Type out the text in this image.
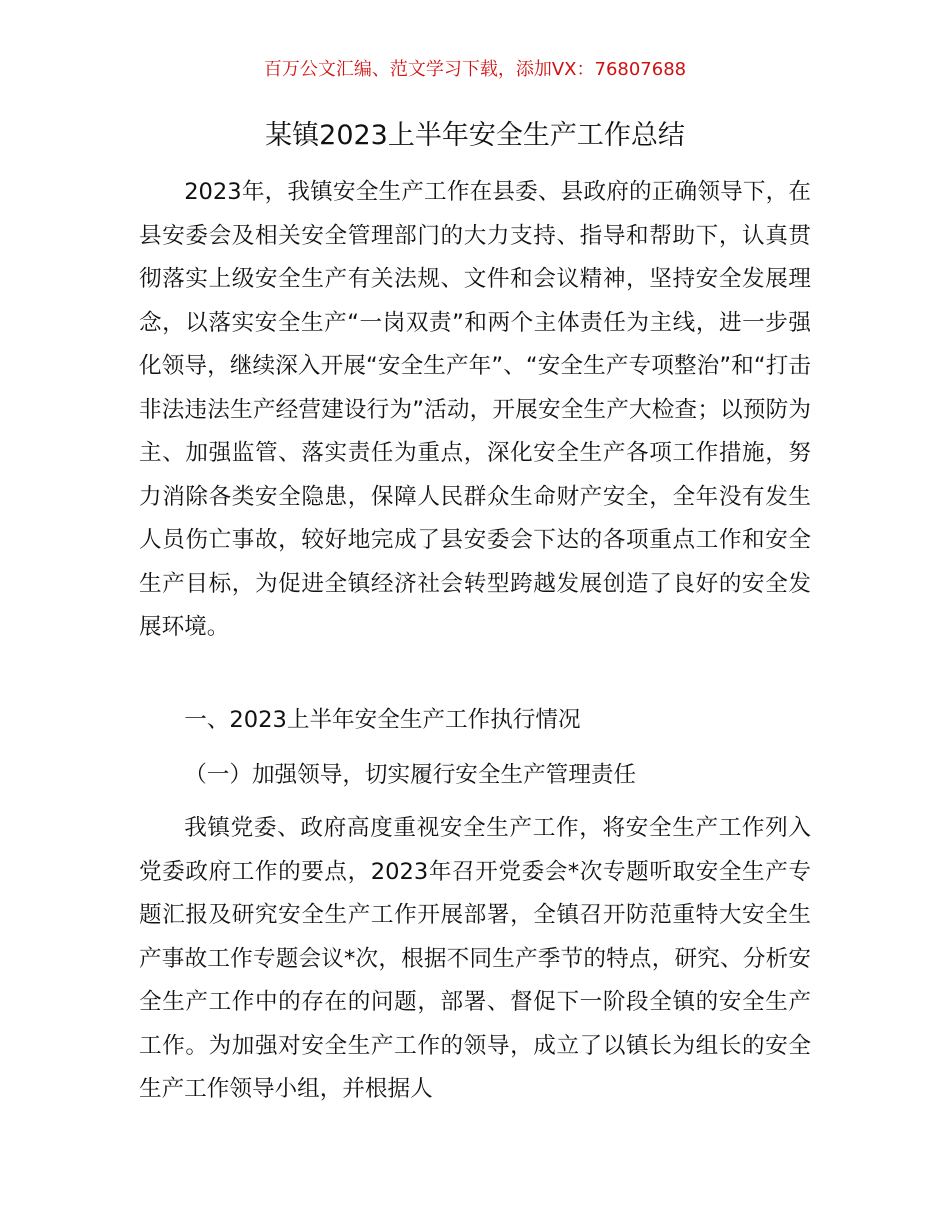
百万公文汇编、范文学习下载，添加VX：76807688
某镇2023上半年安全生产工作总结

2023年，我镇安全生产工作在县委、县政府的正确领导下，在县安委会及相关安全管理部门的大力支持、指导和帮助下，认真贯彻落实上级安全生产有关法规、文件和会议精神，坚持安全发展理念，以落实安全生产“一岗双责”和两个主体责任为主线，进一步强化领导，继续深入开展“安全生产年”、“安全生产专项整治”和“打击非法违法生产经营建设行为”活动，开展安全生产大检查；以预防为主、加强监管、落实责任为重点，深化安全生产各项工作措施，努力消除各类安全隐患，保障人民群众生命财产安全，全年没有发生人员伤亡事故，较好地完成了县安委会下达的各项重点工作和安全生产目标，为促进全镇经济社会转型跨越发展创造了良好的安全发展环境。

一、2023上半年安全生产工作执行情况

（一）加强领导，切实履行安全生产管理责任

我镇党委、政府高度重视安全生产工作，将安全生产工作列入党委政府工作的要点，2023年召开党委会*次专题听取安全生产专题汇报及研究安全生产工作开展部署，全镇召开防范重特大安全生产事故工作专题会议*次，根据不同生产季节的特点，研究、分析安全生产工作中的存在的问题，部署、督促下一阶段全镇的安全生产工作。为加强对安全生产工作的领导，成立了以镇长为组长的安全生产工作领导小组，并根据人
